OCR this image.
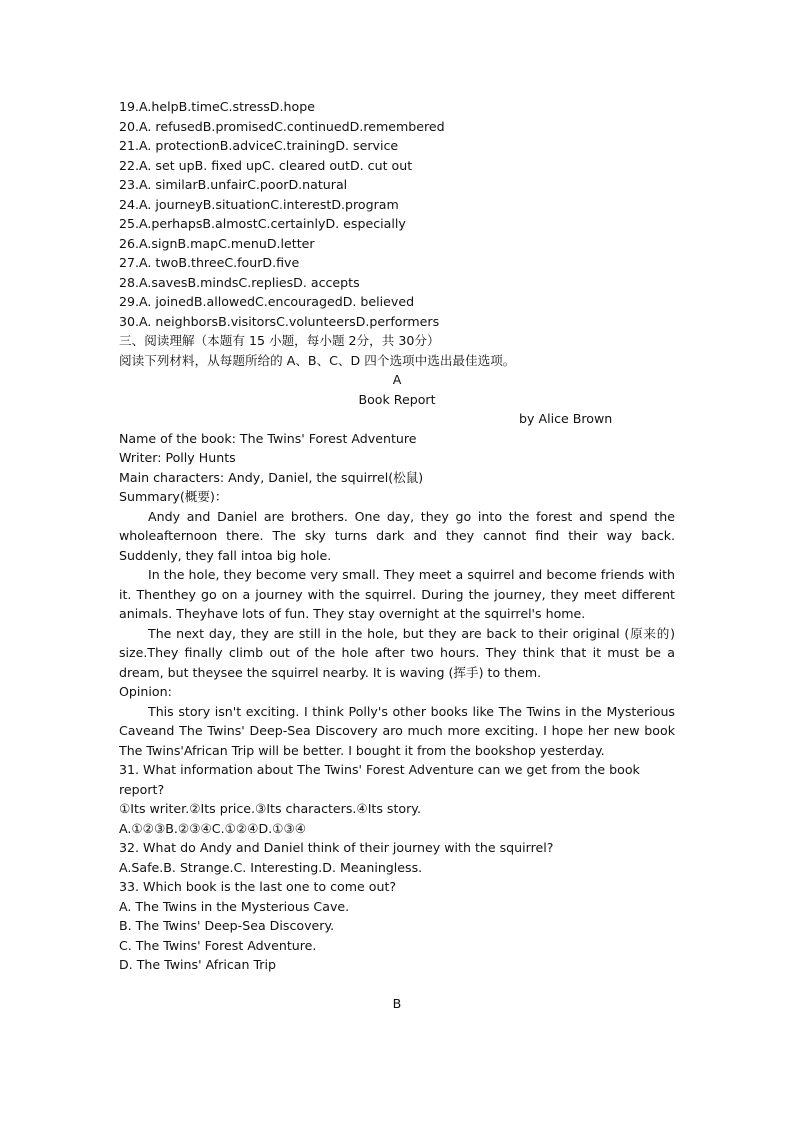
19.A.helpB.timeC.stressD.hope
20.A. refusedB.promisedC.continuedD.remembered
21.A. protectionB.adviceC.trainingD. service
22.A. set upB. fixed upC. cleared outD. cut out
23.A. similarB.unfairC.poorD.natural
24.A. journeyB.situationC.interestD.program
25.A.perhapsB.almostC.certainlyD. especially
26.A.signB.mapC.menuD.letter
27.A. twoB.threeC.fourD.five
28.A.savesB.mindsC.repliesD. accepts
29.A. joinedB.allowedC.encouragedD. believed
30.A. neighborsB.visitorsC.volunteersD.performers
三、阅读理解（本题有 15 小题，每小题 2分，共 30分）
阅读下列材料，从每题所给的 A、B、C、D 四个选项中选出最佳选项。
A
Book Report
by Alice Brown
Name of the book: The Twins' Forest Adventure
Writer: Polly Hunts
Main characters: Andy, Daniel, the squirrel(松鼠)
Summary(概要)：
Andy and Daniel are brothers. One day, they go into the forest and spend the wholeafternoon there. The sky turns dark and they cannot find their way back. Suddenly, they fall intoa big hole.
In the hole, they become very small. They meet a squirrel and become friends with it. Thenthey go on a journey with the squirrel. During the journey, they meet different animals. Theyhave lots of fun. They stay overnight at the squirrel's home.
The next day, they are still in the hole, but they are back to their original (原来的) size.They finally climb out of the hole after two hours. They think that it must be a dream, but theysee the squirrel nearby. It is waving (挥手) to them.
Opinion:
This story isn't exciting. I think Polly's other books like The Twins in the Mysterious Caveand The Twins' Deep-Sea Discovery aro much more exciting. I hope her new book The Twins'African Trip will be better. I bought it from the bookshop yesterday.
31. What information about The Twins' Forest Adventure can we get from the book report?
①Its writer.②Its price.③Its characters.④Its story.
A.①②③B.②③④C.①②④D.①③④
32. What do Andy and Daniel think of their journey with the squirrel?
A.Safe.B. Strange.C. Interesting.D. Meaningless.
33. Which book is the last one to come out?
A. The Twins in the Mysterious Cave.
B. The Twins' Deep-Sea Discovery.
C. The Twins' Forest Adventure.
D. The Twins' African Trip
B
